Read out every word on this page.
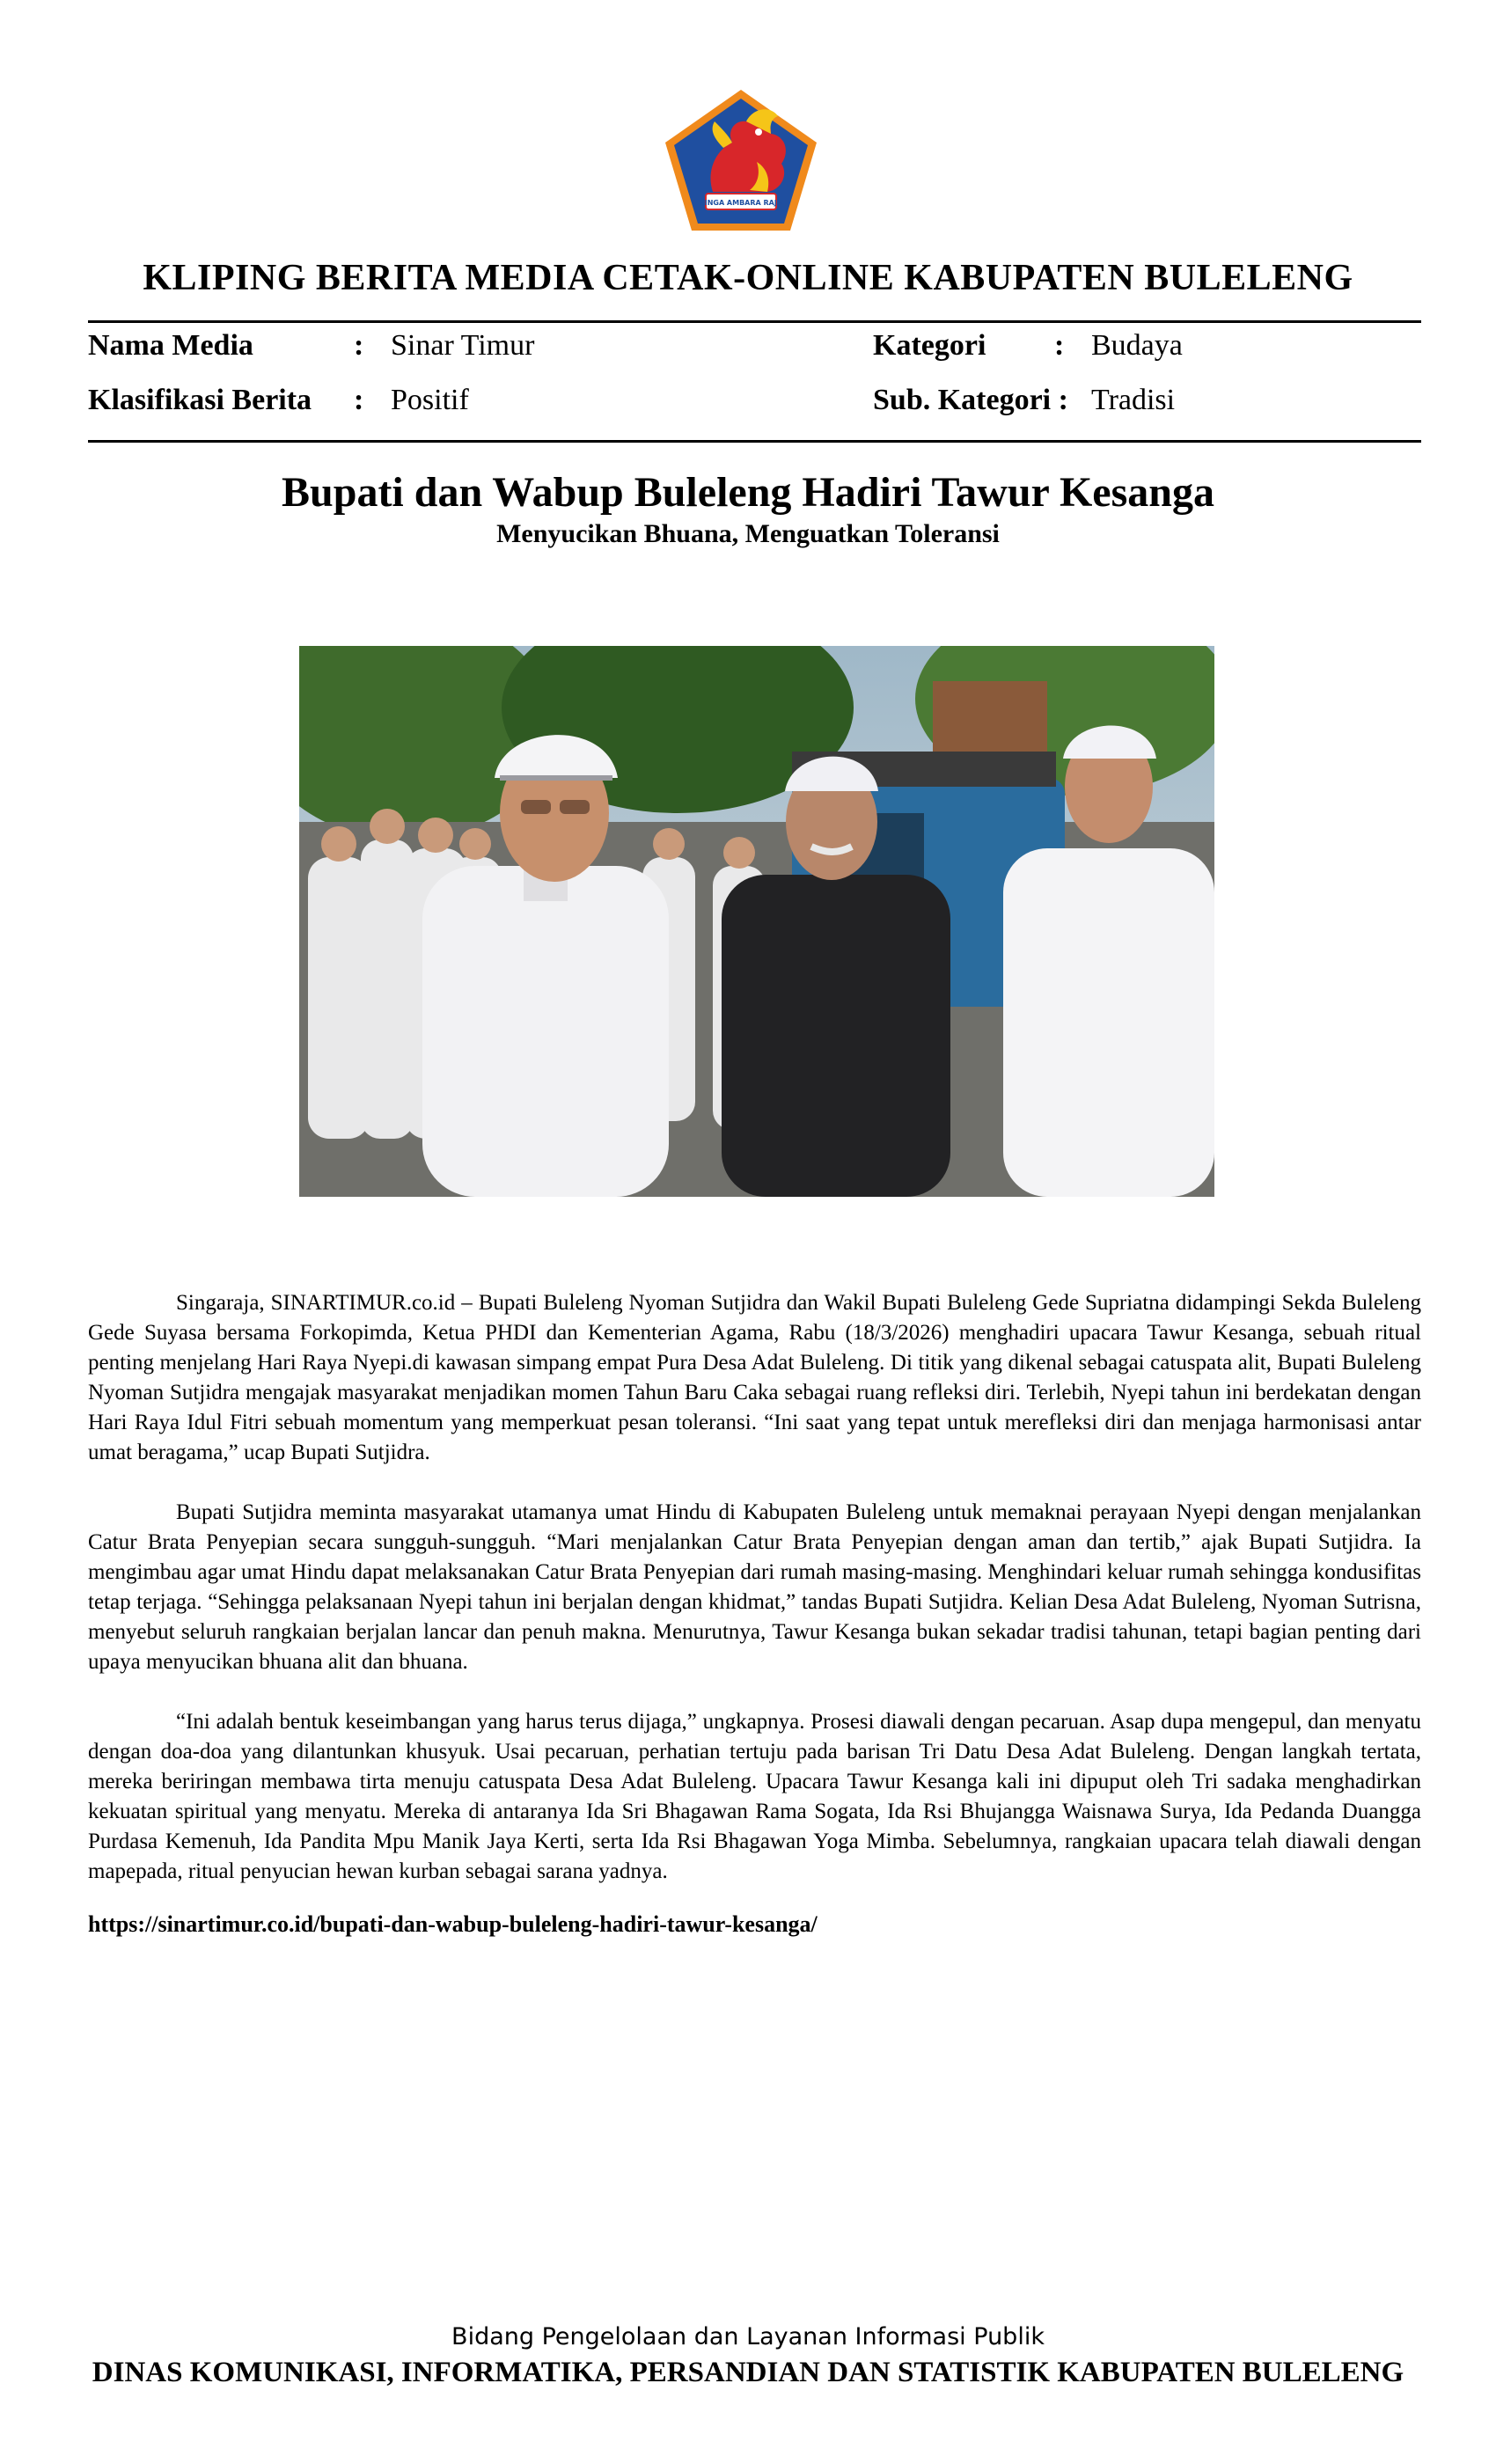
SINGA AMBARA RAJA
KLIPING BERITA MEDIA CETAK-ONLINE KABUPATEN BULELENG
Nama Media	: Sinar Timur
Klasifikasi Berita : Positif
Kategori : Budaya
Sub. Kategori : Tradisi
Bupati dan Wabup Buleleng Hadiri Tawur Kesanga
Menyucikan Bhuana, Menguatkan Toleransi

Singaraja, SINARTIMUR.co.id – Bupati Buleleng Nyoman Sutjidra dan Wakil Bupati Buleleng Gede Supriatna didampingi Sekda Buleleng Gede Suyasa bersama Forkopimda, Ketua PHDI dan Kementerian Agama, Rabu (18/3/2026) menghadiri upacara Tawur Kesanga, sebuah ritual penting menjelang Hari Raya Nyepi.di kawasan simpang empat Pura Desa Adat Buleleng. Di titik yang dikenal sebagai catuspata alit, Bupati Buleleng Nyoman Sutjidra mengajak masyarakat menjadikan momen Tahun Baru Caka sebagai ruang refleksi diri. Terlebih, Nyepi tahun ini berdekatan dengan Hari Raya Idul Fitri sebuah momentum yang memperkuat pesan toleransi. “Ini saat yang tepat untuk merefleksi diri dan menjaga harmonisasi antar umat beragama,” ucap Bupati Sutjidra.

Bupati Sutjidra meminta masyarakat utamanya umat Hindu di Kabupaten Buleleng untuk memaknai perayaan Nyepi dengan menjalankan Catur Brata Penyepian secara sungguh-sungguh. “Mari menjalankan Catur Brata Penyepian dengan aman dan tertib,” ajak Bupati Sutjidra. Ia mengimbau agar umat Hindu dapat melaksanakan Catur Brata Penyepian dari rumah masing-masing. Menghindari keluar rumah sehingga kondusifitas tetap terjaga. “Sehingga pelaksanaan Nyepi tahun ini berjalan dengan khidmat,” tandas Bupati Sutjidra. Kelian Desa Adat Buleleng, Nyoman Sutrisna, menyebut seluruh rangkaian berjalan lancar dan penuh makna. Menurutnya, Tawur Kesanga bukan sekadar tradisi tahunan, tetapi bagian penting dari upaya menyucikan bhuana alit dan bhuana.

“Ini adalah bentuk keseimbangan yang harus terus dijaga,” ungkapnya. Prosesi diawali dengan pecaruan. Asap dupa mengepul, dan menyatu dengan doa-doa yang dilantunkan khusyuk. Usai pecaruan, perhatian tertuju pada barisan Tri Datu Desa Adat Buleleng. Dengan langkah tertata, mereka beriringan membawa tirta menuju catuspata Desa Adat Buleleng. Upacara Tawur Kesanga kali ini dipuput oleh Tri sadaka menghadirkan kekuatan spiritual yang menyatu. Mereka di antaranya Ida Sri Bhagawan Rama Sogata, Ida Rsi Bhujangga Waisnawa Surya, Ida Pedanda Duangga Purdasa Kemenuh, Ida Pandita Mpu Manik Jaya Kerti, serta Ida Rsi Bhagawan Yoga Mimba. Sebelumnya, rangkaian upacara telah diawali dengan mapepada, ritual penyucian hewan kurban sebagai sarana yadnya.

https://sinartimur.co.id/bupati-dan-wabup-buleleng-hadiri-tawur-kesanga/
Bidang Pengelolaan dan Layanan Informasi Publik
DINAS KOMUNIKASI, INFORMATIKA, PERSANDIAN DAN STATISTIK KABUPATEN BULELENG
